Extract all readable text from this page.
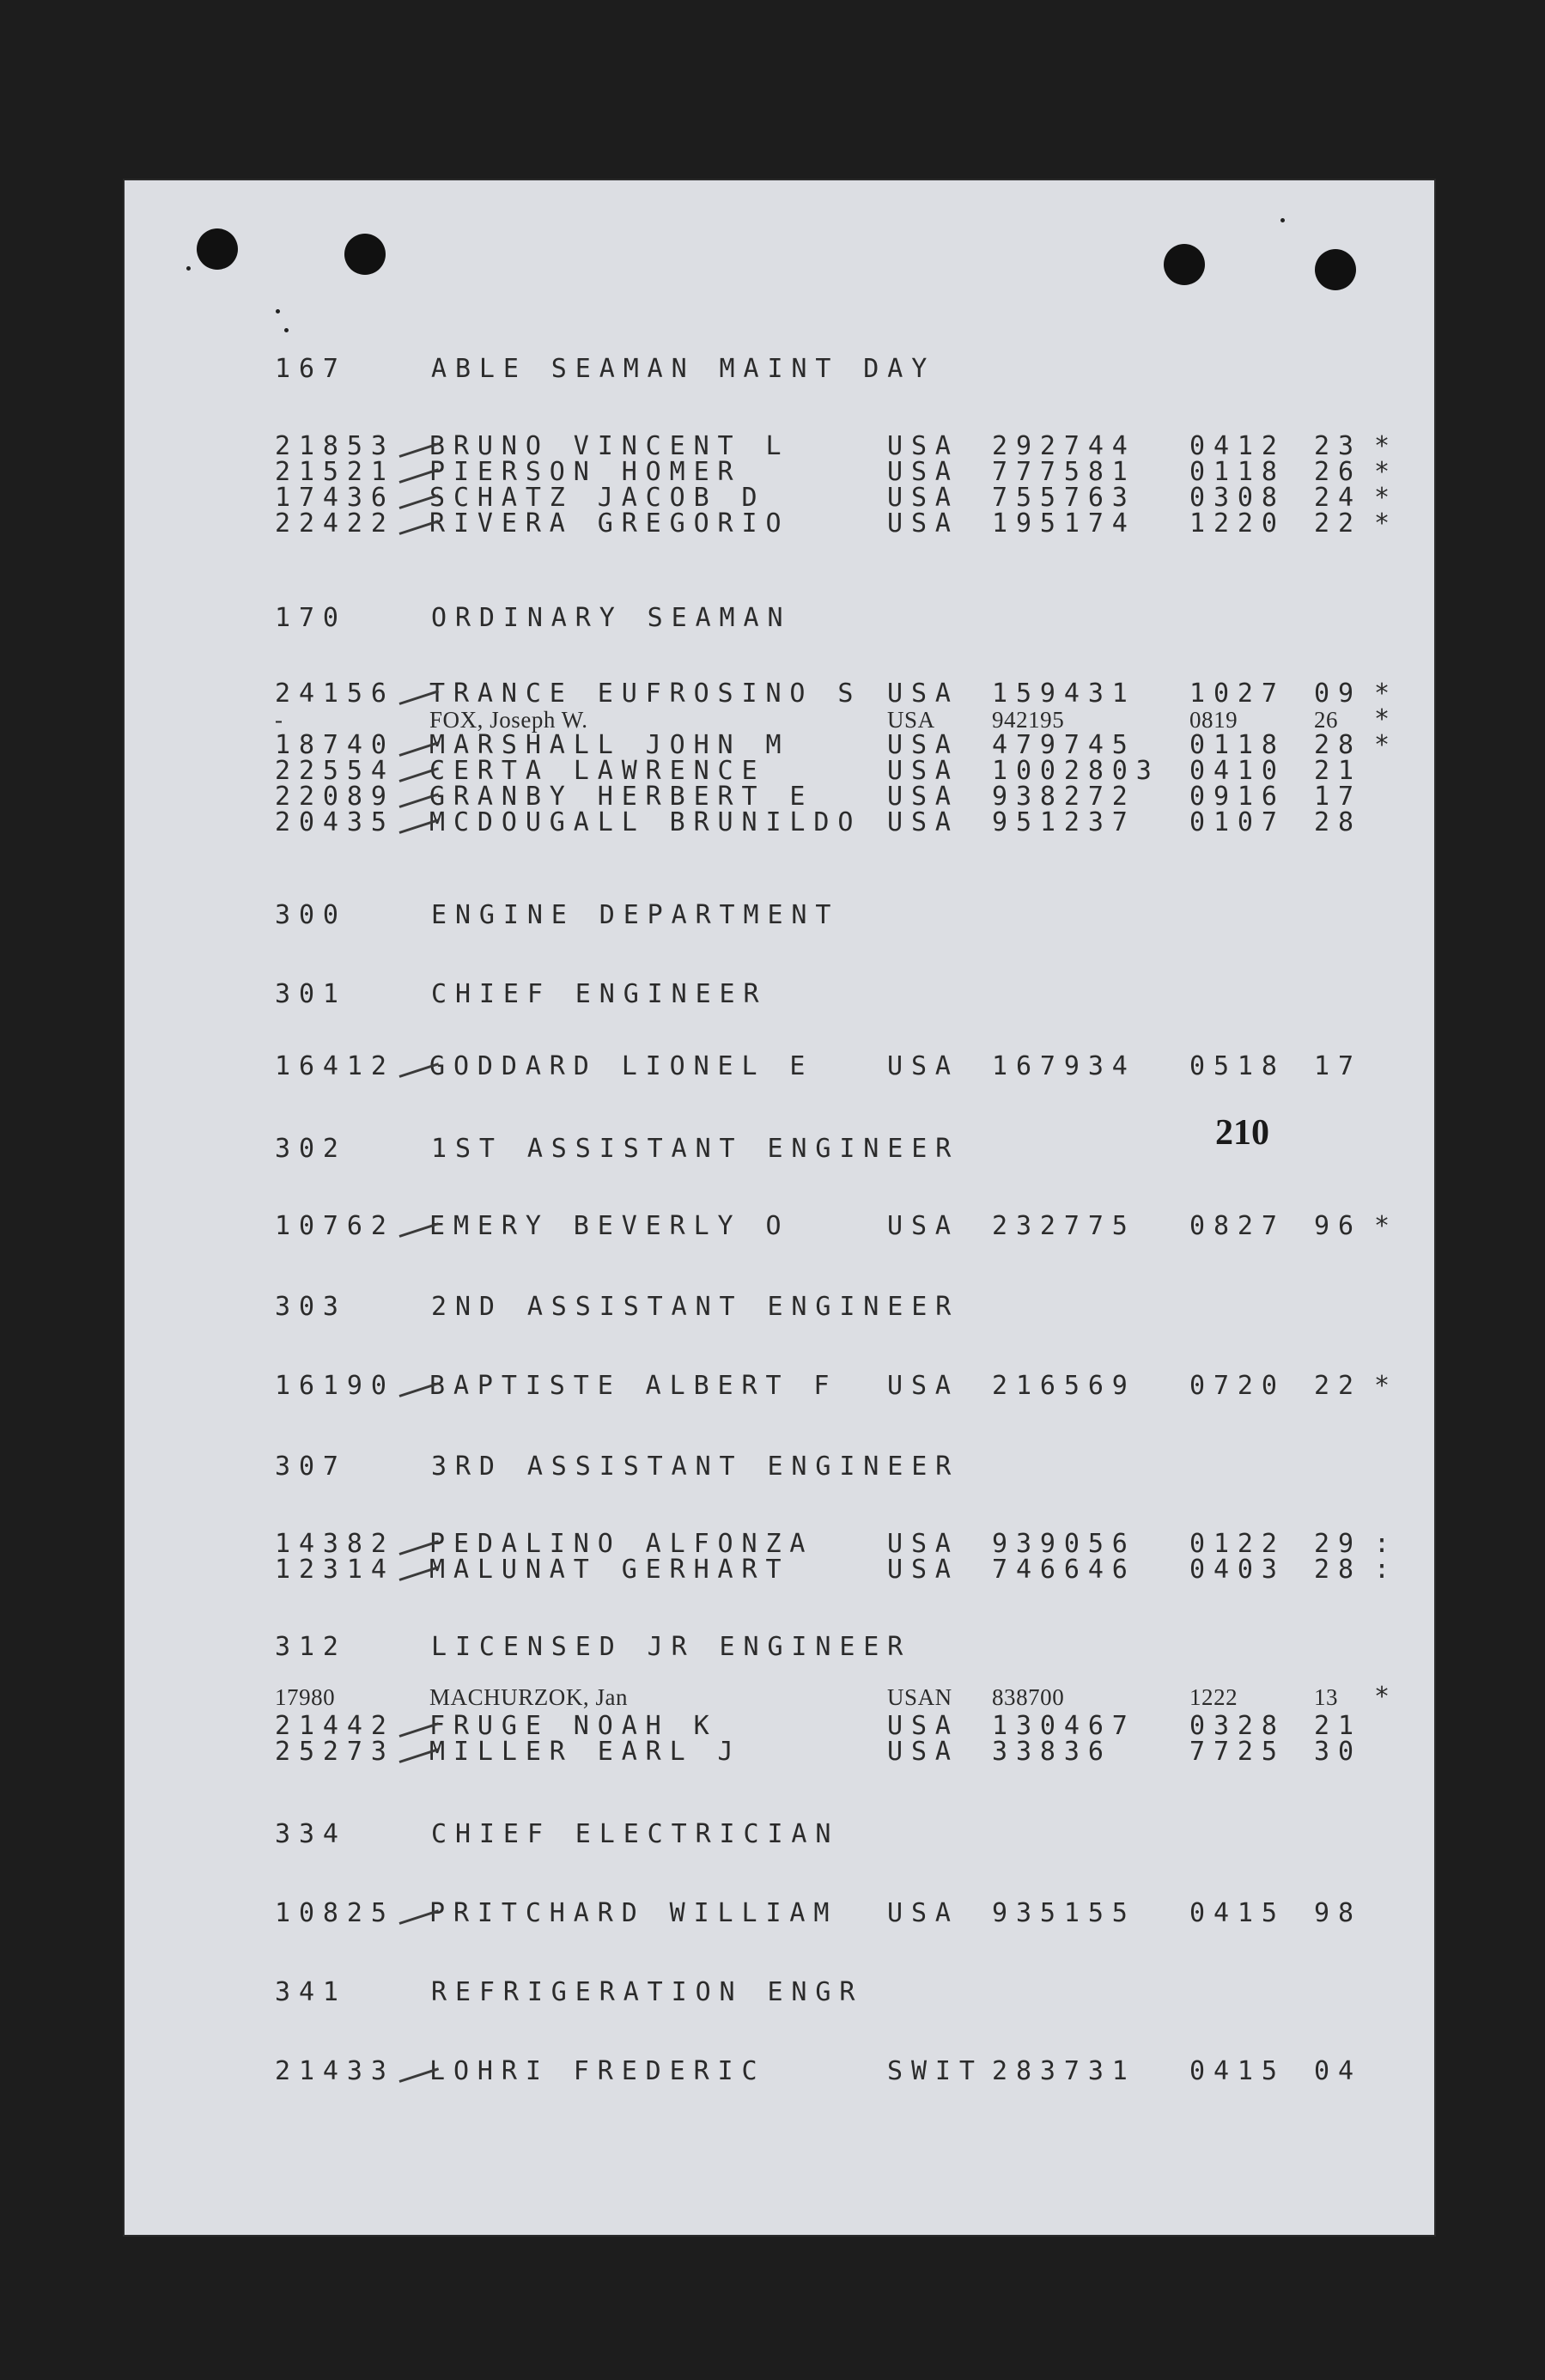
210
167	ABLE SEAMAN MAINT DAY
21853 BRUNO VINCENT L	USA 292744 0412 23 *
21521 PIERSON HOMER	USA 777581 0118 26 *
17436 SCHATZ JACOB D	USA 755763 0308 24 *
22422 RIVERA GREGORIO	USA 195174 1220 22 *
170	ORDINARY SEAMAN
24156 TRANCE EUFROSINO S USA 159431 1027 09 *
-	FOX, Joseph W.	USA 942195	0819	26 *
18740 MARSHALL JOHN M	USA 479745 0118 28 *
22554 CERTA LAWRENCE	USA 1002803 0410 21
22089 GRANBY HERBERT E	USA 938272 0916 17
20435 MCDOUGALL BRUNILDO USA 951237 0107 28
300	ENGINE DEPARTMENT
301	CHIEF ENGINEER
16412 GODDARD LIONEL E	USA 167934 0518 17
302	1ST ASSISTANT ENGINEER
10762 EMERY BEVERLY O	USA 232775 0827 96 *
303	2ND ASSISTANT ENGINEER
16190 BAPTISTE ALBERT F USA 216569 0720 22 *
307	3RD ASSISTANT ENGINEER
14382 PEDALINO ALFONZA	USA 939056 0122 29 :
12314 MALUNAT GERHART	USA 746646 0403 28 :
312	LICENSED JR ENGINEER
17980	MACHURZOK, Jan	USAN 838700	1222	13 *
21442 FRUGE NOAH K	USA 130467 0328 21
25273 MILLER EARL J	USA 33836	7725 30
334	CHIEF ELECTRICIAN
10825 PRITCHARD WILLIAM USA 935155 0415 98
341	REFRIGERATION ENGR
21433 LOHRI FREDERIC	SWIT 283731 0415 04
